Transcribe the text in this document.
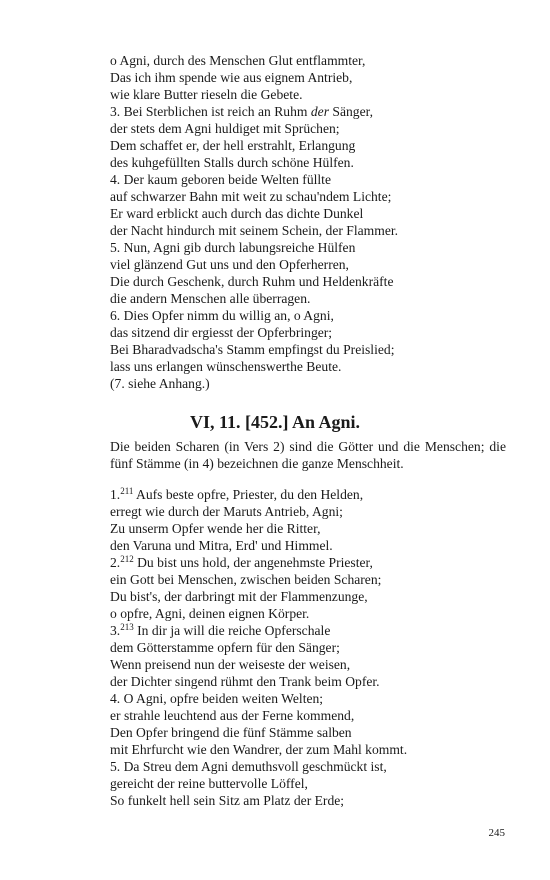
o Agni, durch des Menschen Glut entflammter,
Das ich ihm spende wie aus eignem Antrieb,
wie klare Butter rieseln die Gebete.
3. Bei Sterblichen ist reich an Ruhm der Sänger,
der stets dem Agni huldiget mit Sprüchen;
Dem schaffet er, der hell erstrahlt, Erlangung
des kuhgefüllten Stalls durch schöne Hülfen.
4. Der kaum geboren beide Welten füllte
auf schwarzer Bahn mit weit zu schau'ndem Lichte;
Er ward erblickt auch durch das dichte Dunkel
der Nacht hindurch mit seinem Schein, der Flammer.
5. Nun, Agni gib durch labungsreiche Hülfen
viel glänzend Gut uns und den Opferherren,
Die durch Geschenk, durch Ruhm und Heldenkräfte
die andern Menschen alle überragen.
6. Dies Opfer nimm du willig an, o Agni,
das sitzend dir ergiesst der Opferbringer;
Bei Bharadvadscha's Stamm empfingst du Preislied;
lass uns erlangen wünschenswerthe Beute.
(7. siehe Anhang.)
VI, 11. [452.] An Agni.
Die beiden Scharen (in Vers 2) sind die Götter und die Menschen; die fünf Stämme (in 4) bezeichnen die ganze Menschheit.
1.$^{211}$ Aufs beste opfre, Priester, du den Helden,
erregt wie durch der Maruts Antrieb, Agni;
Zu unserm Opfer wende her die Ritter,
den Varuna und Mitra, Erd' und Himmel.
2.$^{212}$ Du bist uns hold, der angenehmste Priester,
ein Gott bei Menschen, zwischen beiden Scharen;
Du bist's, der darbringt mit der Flammenzunge,
o opfre, Agni, deinen eignen Körper.
3.$^{213}$ In dir ja will die reiche Opferschale
dem Götterstamme opfern für den Sänger;
Wenn preisend nun der weiseste der weisen,
der Dichter singend rühmt den Trank beim Opfer.
4. O Agni, opfre beiden weiten Welten;
er strahle leuchtend aus der Ferne kommend,
Den Opfer bringend die fünf Stämme salben
mit Ehrfurcht wie den Wandrer, der zum Mahl kommt.
5. Da Streu dem Agni demuthsvoll geschmückt ist,
gereicht der reine buttervolle Löffel,
So funkelt hell sein Sitz am Platz der Erde;
245
